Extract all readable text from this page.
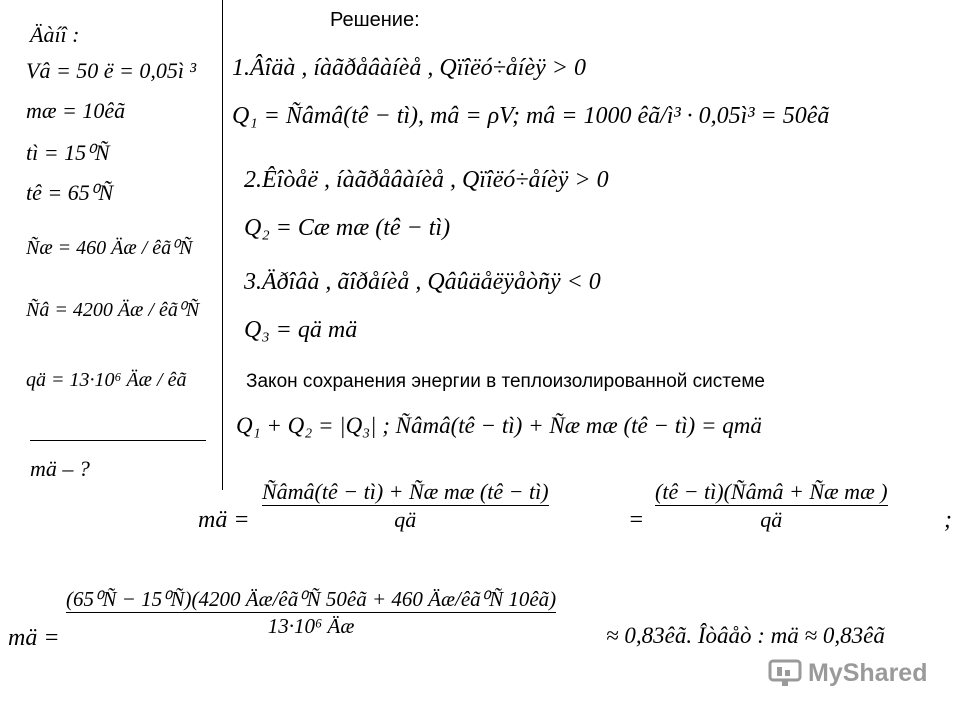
Äàíî :
Vâ = 50 ë = 0,05ì ³
mæ = 10êã
tì = 15⁰Ñ
tê = 65⁰Ñ
Ñæ = 460 Äæ / êã⁰Ñ
Ñâ = 4200 Äæ / êã⁰Ñ
qä = 13·10⁶ Äæ / êã
mä – ?
Решение:
1.Âîäà , íàãðåâàíèå , Qïîëó÷åíèÿ > 0
Q₁ = Ñâmâ(tê − tì), mâ = ρV; mâ = 1000 êã/ì³ · 0,05ì³ = 50êã
2.Êîòåë , íàãðåâàíèå , Qïîëó÷åíèÿ > 0
Q₂ = Cæ mæ (tê − tì)
3.Äðîâà , ãîðåíèå , Qâûäåëÿåòñÿ < 0
Q₃ = qä mä
Закон сохранения энергии в теплоизолированной системе
Q₁ + Q₂ = |Q₃| ; Ñâmâ(tê − tì) + Ñæ mæ (tê − tì) = qmä
mä =
Ñâmâ(tê − tì) + Ñæ mæ (tê − tì)
qä	=
(tê − tì)(Ñâmâ + Ñæ mæ )
qä	;
mä =
(65⁰Ñ − 15⁰Ñ)(4200 Äæ/êã⁰Ñ 50êã + 460 Äæ/êã⁰Ñ 10êã)
13·10⁶ Äæ	≈ 0,83êã. Îòâåò : mä ≈ 0,83êã
MyShared
